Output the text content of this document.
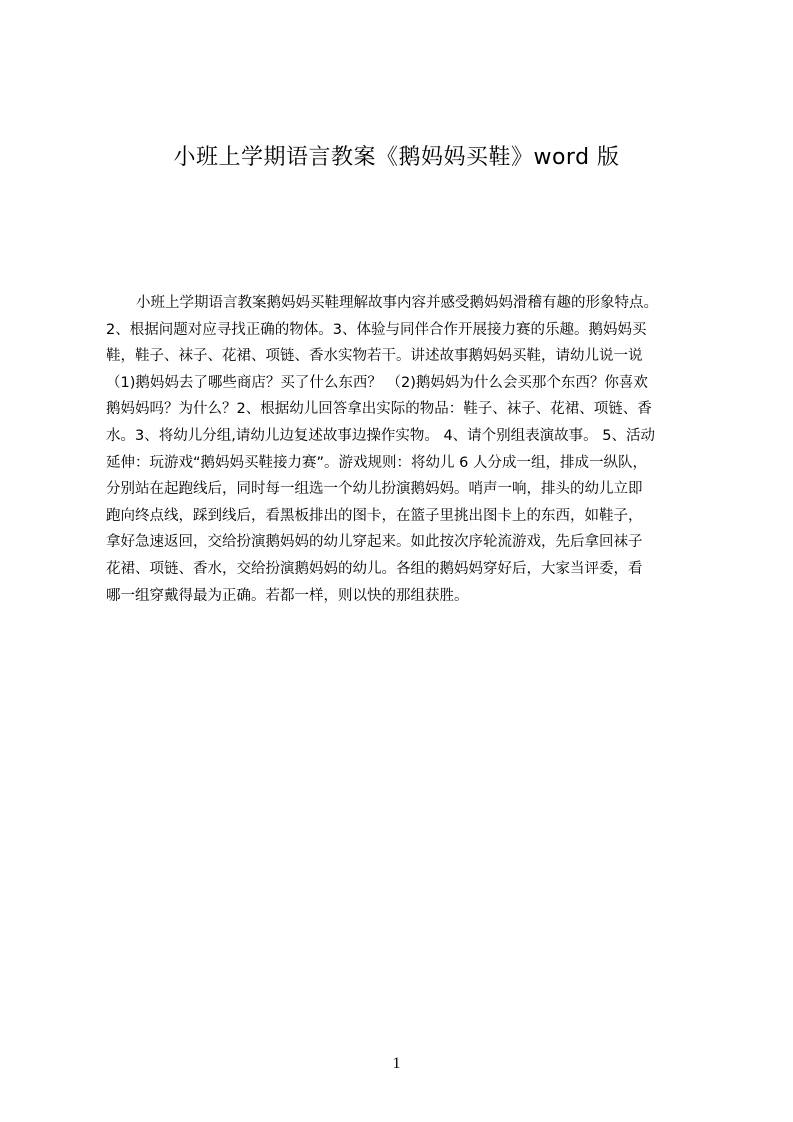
小班上学期语言教案《鹅妈妈买鞋》word 版
小班上学期语言教案鹅妈妈买鞋理解故事内容并感受鹅妈妈滑稽有趣的形象特点。
2、根据问题对应寻找正确的物体。3、体验与同伴合作开展接力赛的乐趣。鹅妈妈买
鞋，鞋子、袜子、花裙、项链、香水实物若干。讲述故事鹅妈妈买鞋，请幼儿说一说
（1)鹅妈妈去了哪些商店？买了什么东西？ （2)鹅妈妈为什么会买那个东西？你喜欢
鹅妈妈吗？为什么？2、根据幼儿回答拿出实际的物品：鞋子、袜子、花裙、项链、香
水。3、将幼儿分组,请幼儿边复述故事边操作实物。 4、请个别组表演故事。 5、活动
延伸：玩游戏“鹅妈妈买鞋接力赛”。游戏规则：将幼儿 6 人分成一组，排成一纵队，
分别站在起跑线后，同时每一组选一个幼儿扮演鹅妈妈。哨声一响，排头的幼儿立即
跑向终点线，踩到线后，看黑板排出的图卡，在篮子里挑出图卡上的东西，如鞋子，
拿好急速返回，交给扮演鹅妈妈的幼儿穿起来。如此按次序轮流游戏，先后拿回袜子
花裙、项链、香水，交给扮演鹅妈妈的幼儿。各组的鹅妈妈穿好后，大家当评委，看
哪一组穿戴得最为正确。若都一样，则以快的那组获胜。
1
